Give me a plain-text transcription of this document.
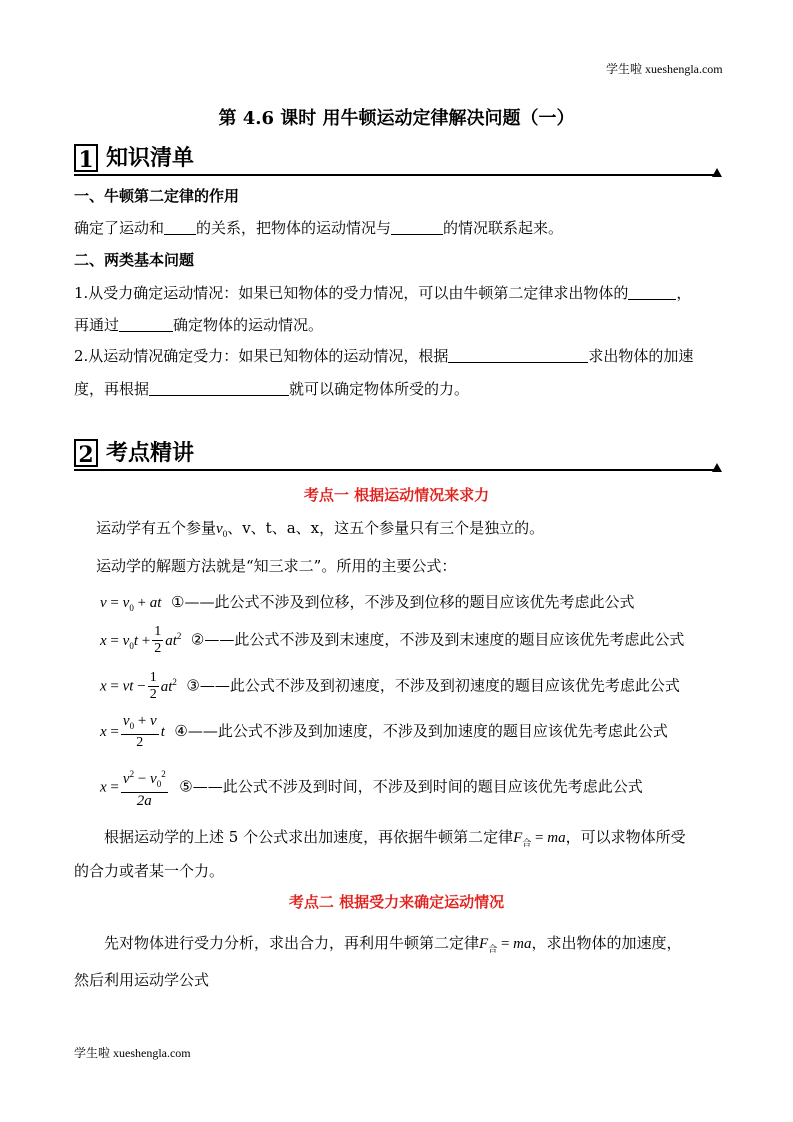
学生啦 xueshengla.com
第 4.6 课时 用牛顿运动定律解决问题（一）
1 知识清单
一、牛顿第二定律的作用
确定了运动和 的关系，把物体的运动情况与	的情况联系起来。
二、两类基本问题
1.从受力确定运动情况：如果已知物体的受力情况，可以由牛顿第二定律求出物体的	，
再通过	确定物体的运动情况。
2.从运动情况确定受力：如果已知物体的运动情况，根据	求出物体的加速
度，再根据	就可以确定物体所受的力。
2 考点精讲
考点一 根据运动情况来求力
运动学有五个参量$v_0$、v、t、a、x，这五个参量只有三个是独立的。
运动学的解题方法就是“知三求二”。所用的主要公式：
$v = v_0$ + at ①——此公式不涉及到位移，不涉及到位移的题目应该优先考虑此公式
$x = v_0t + \frac{1}{2} at^2$ ②——此公式不涉及到末速度，不涉及到末速度的题目应该优先考虑此公式
x = vt − $\frac{1}{2} at^2$ ③——此公式不涉及到初速度，不涉及到初速度的题目应该优先考虑此公式
$x = \frac{v_0 + v}{2}$ t ④——此公式不涉及到加速度，不涉及到加速度的题目应该优先考虑此公式
$x = \frac{v^2 - v_0^2}{2a}$ ⑤——此公式不涉及到时间，不涉及到时间的题目应该优先考虑此公式
根据运动学的上述 5 个公式求出加速度，再依据牛顿第二定律$F_合$ = ma，可以求物体所受
的合力或者某一个力。
考点二 根据受力来确定运动情况
先对物体进行受力分析，求出合力，再利用牛顿第二定律$F_合$ = ma，求出物体的加速度，
然后利用运动学公式
学生啦 xueshengla.com
